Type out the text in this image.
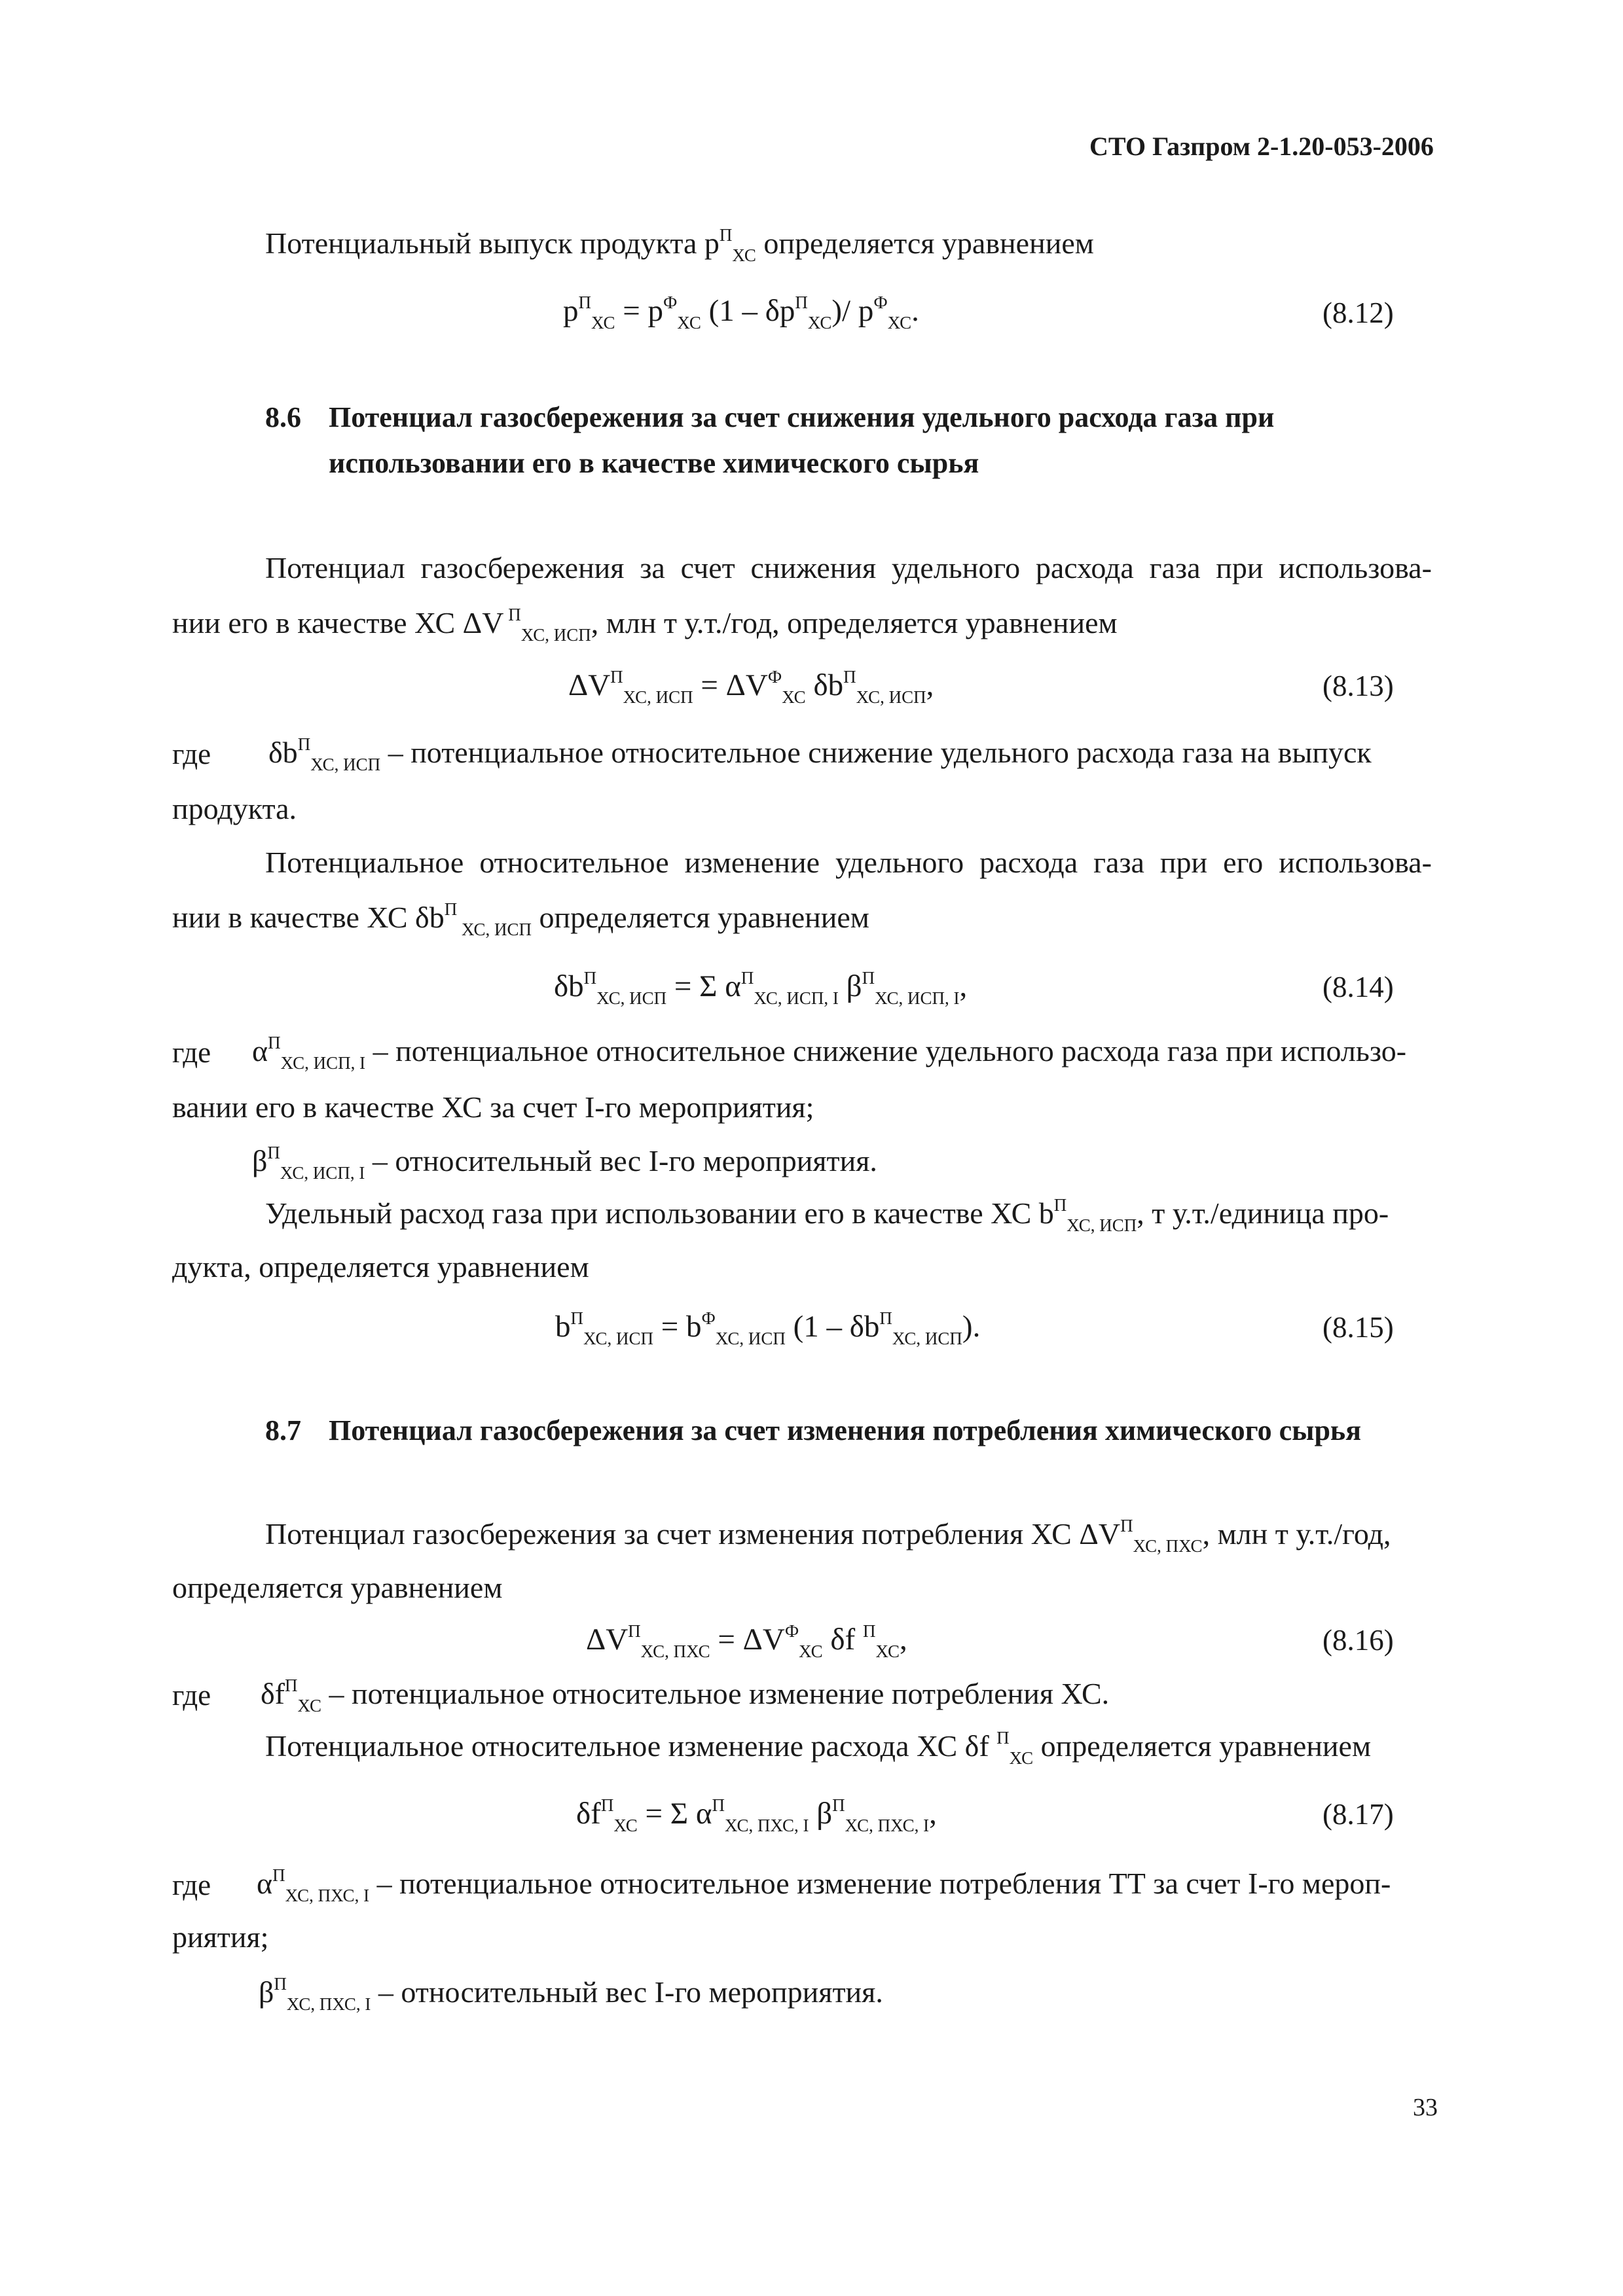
СТО Газпром 2-1.20-053-2006
Потенциальный выпуск продукта $р^П_{ХС}$ определяется уравнением
$р^П_{ХС} = р^Ф_{ХС}$ $(1 - \delta р^П_{ХС})/$ $р^Ф_{ХС}$.	(8.12)
8.6 Потенциал газосбережения за счет снижения удельного расхода газа при
использовании его в качестве химического сырья
Потенциал газосбережения за счет снижения удельного расхода газа при использова-
нии его в качестве ХС ΔV $^П_{ХС, ИСП}$, млн т у.т./год, определяется уравнением
$\Delta V^П_{ХС, ИСП} = \Delta V^Ф_{ХС}$ $\delta b^П_{ХС, ИСП}$,	(8.13)
где $\delta b^П_{ХС, ИСП}$ – потенциальное относительное снижение удельного расхода газа на выпуск
продукта.
Потенциальное относительное изменение удельного расхода газа при его использова-
нии в качестве ХС $\delta b^П$ $_{ХС, ИСП}$ определяется уравнением
$\delta b^П_{ХС, ИСП} = \Sigma$ $\alpha^П_{ХС, ИСП, I}$ $\beta^П_{ХС, ИСП, I}$,	(8.14)
где $\alpha^П_{ХС, ИСП, I}$ – потенциальное относительное снижение удельного расхода газа при использо-
вании его в качестве ХС за счет I-го мероприятия;
$\beta^П_{ХС, ИСП, I}$ – относительный вес I-го мероприятия.
Удельный расход газа при использовании его в качестве ХС $b^П_{ХС, ИСП}$, т у.т./единица про-
дукта, определяется уравнением
$b^П_{ХС, ИСП} = b^Ф_{ХС, ИСП}$ $(1 - \delta b^П_{ХС, ИСП})$.	(8.15)
8.7 Потенциал газосбережения за счет изменения потребления химического сырья
Потенциал газосбережения за счет изменения потребления ХС $\Delta V^П_{ХС, ПХС}$, млн т у.т./год,
определяется уравнением
$\Delta V^П_{ХС, ПХС} = \Delta V^Ф_{ХС}$ δf $^П_{ХС}$,	(8.16)
где $\delta f^П_{ХС}$ – потенциальное относительное изменение потребления ХС.
Потенциальное относительное изменение расхода ХС δf $^П_{ХС}$ определяется уравнением
$\delta f^П_{ХС} = \Sigma$ $\alpha^П_{ХС, ПХС, I}$ $\beta^П_{ХС, ПХС, I}$,	(8.17)
где $\alpha^П_{ХС, ПХС, I}$ – потенциальное относительное изменение потребления ТТ за счет I-го мероп-
риятия;
$\beta^П_{ХС, ПХС, I}$ – относительный вес I-го мероприятия.
33
